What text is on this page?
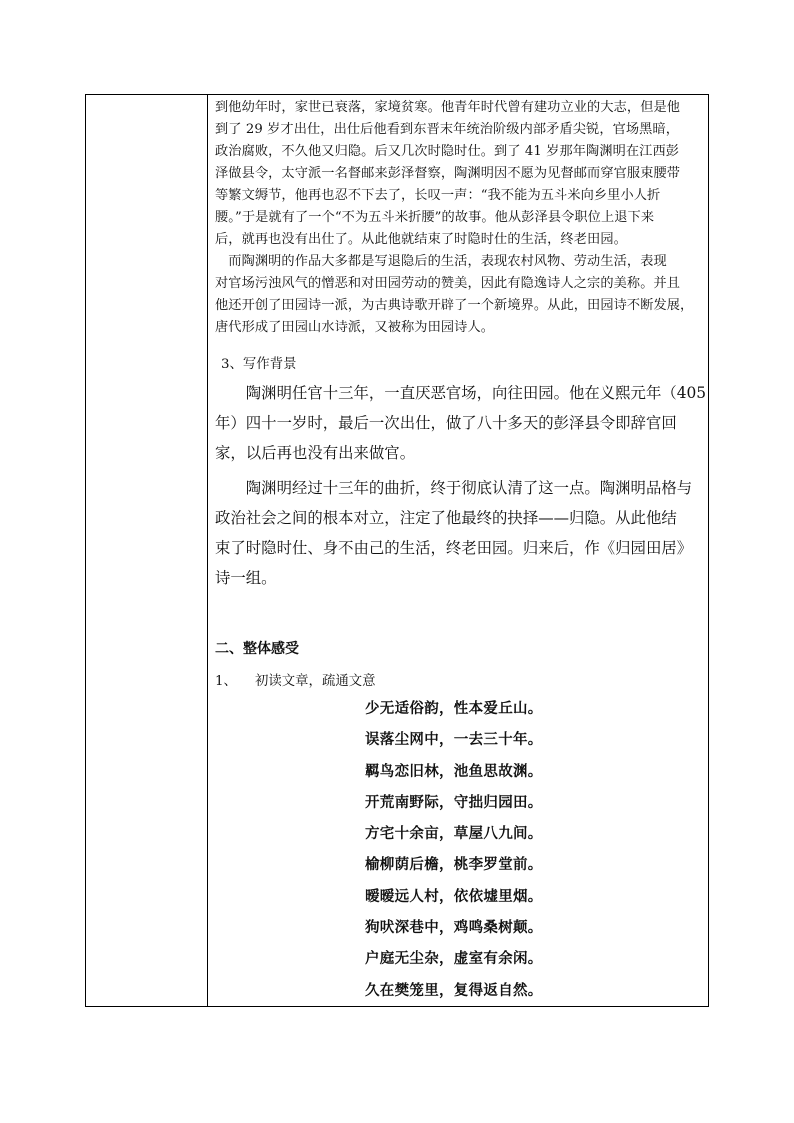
到他幼年时，家世已衰落，家境贫寒。他青年时代曾有建功立业的大志，但是他
到了 29 岁才出仕，出仕后他看到东晋末年统治阶级内部矛盾尖锐，官场黑暗，
政治腐败，不久他又归隐。后又几次时隐时仕。到了 41 岁那年陶渊明在江西彭
泽做县令，太守派一名督邮来彭泽督察，陶渊明因不愿为见督邮而穿官服束腰带
等繁文缛节，他再也忍不下去了，长叹一声：“我不能为五斗米向乡里小人折
腰。”于是就有了一个“不为五斗米折腰”的故事。他从彭泽县令职位上退下来
后，就再也没有出仕了。从此他就结束了时隐时仕的生活，终老田园。
　而陶渊明的作品大多都是写退隐后的生活，表现农村风物、劳动生活，表现
对官场污浊风气的憎恶和对田园劳动的赞美，因此有隐逸诗人之宗的美称。并且
他还开创了田园诗一派，为古典诗歌开辟了一个新境界。从此，田园诗不断发展，
唐代形成了田园山水诗派，又被称为田园诗人。
3、写作背景
　　陶渊明任官十三年，一直厌恶官场，向往田园。他在义熙元年（405
年）四十一岁时，最后一次出仕，做了八十多天的彭泽县令即辞官回
家，以后再也没有出来做官。
　　陶渊明经过十三年的曲折，终于彻底认清了这一点。陶渊明品格与
政治社会之间的根本对立，注定了他最终的抉择——归隐。从此他结
束了时隐时仕、身不由己的生活，终老田园。归来后，作《归园田居》
诗一组。
二、整体感受
1、 初读文章，疏通文意
少无适俗韵，性本爱丘山。
误落尘网中，一去三十年。
羁鸟恋旧林，池鱼思故渊。
开荒南野际，守拙归园田。
方宅十余亩，草屋八九间。
榆柳荫后檐，桃李罗堂前。
暧暧远人村，依依墟里烟。
狗吠深巷中，鸡鸣桑树颠。
户庭无尘杂，虚室有余闲。
久在樊笼里，复得返自然。
